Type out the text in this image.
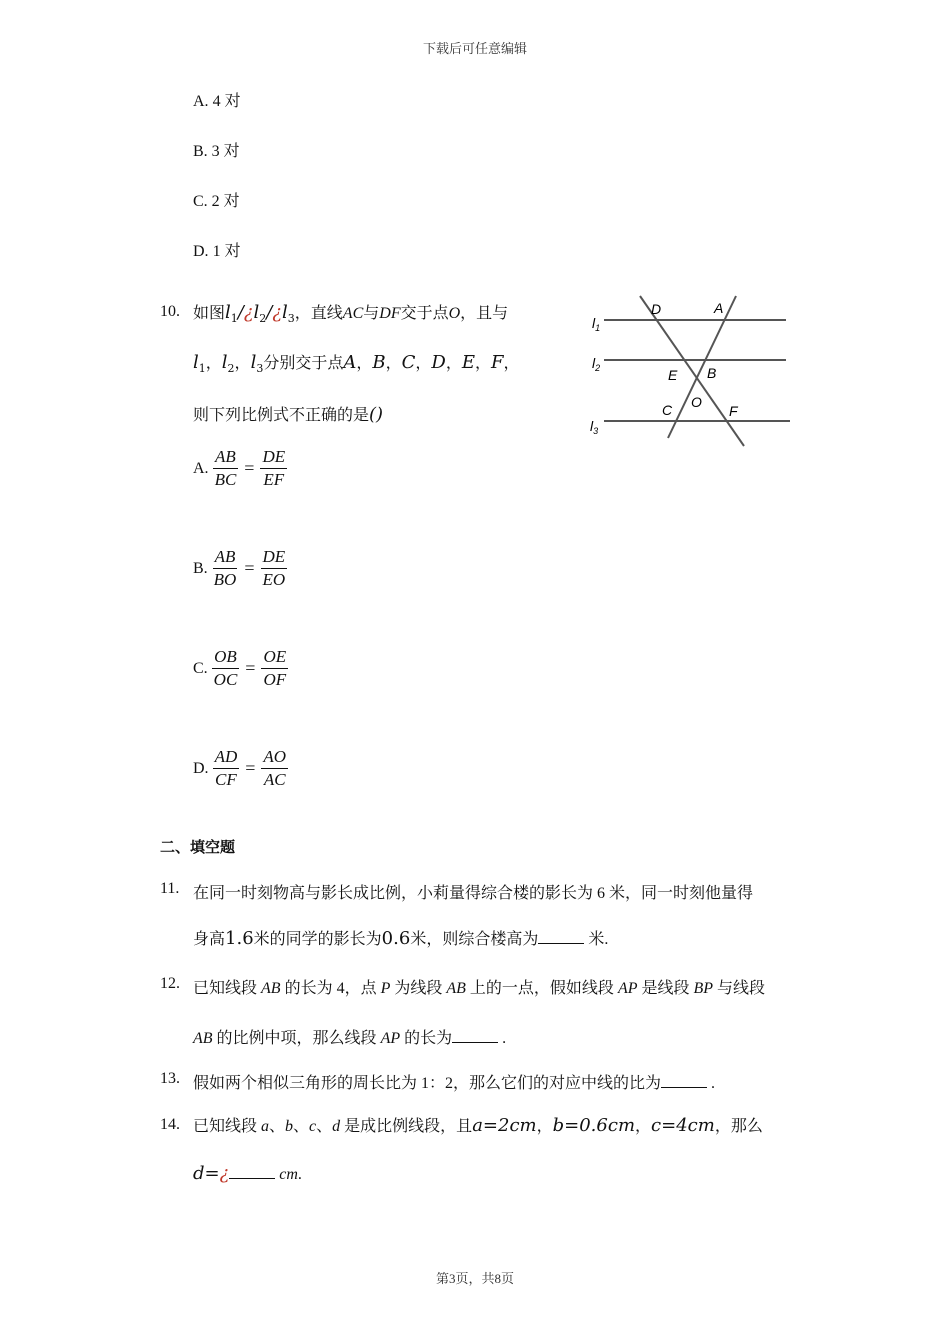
下载后可任意编辑
A. 4 对
B. 3 对
C. 2 对
D. 1 对
10. 如图$l_1/¿l_2/¿l_3$，直线AC与DF交于点O，且与
$l_1$，$l_2$，$l_3$分别交于点A，B，C，D，E，F，
则下列比例式不正确的是()
A. $\frac{AB}{BC} = \frac{DE}{EF}$
B. $\frac{AB}{BO} = \frac{DE}{EO}$
C. $\frac{OB}{OC} = \frac{OE}{OF}$
D. $\frac{AD}{CF} = \frac{AO}{AC}$
$l_1$
$l_2$
$l_3$
D	A
E B
C O
F
二、填空题
11. 在同一时刻物高与影长成比例，小莉量得综合楼的影长为 6 米，同一时刻他量得
身高1.6米的同学的影长为0.6米，则综合楼高为	米.
12. 已知线段 AB 的长为 4，点 P 为线段 AB 上的一点，假如线段 AP 是线段 BP 与线段
AB 的比例中项，那么线段 AP 的长为	.
13. 假如两个相似三角形的周长比为 1：2，那么它们的对应中线的比为	.
14. 已知线段 a、b、c、d 是成比例线段，且a=2cm，b=0.6cm，c=4cm，那么
d=¿	cm.
第3页，共8页
